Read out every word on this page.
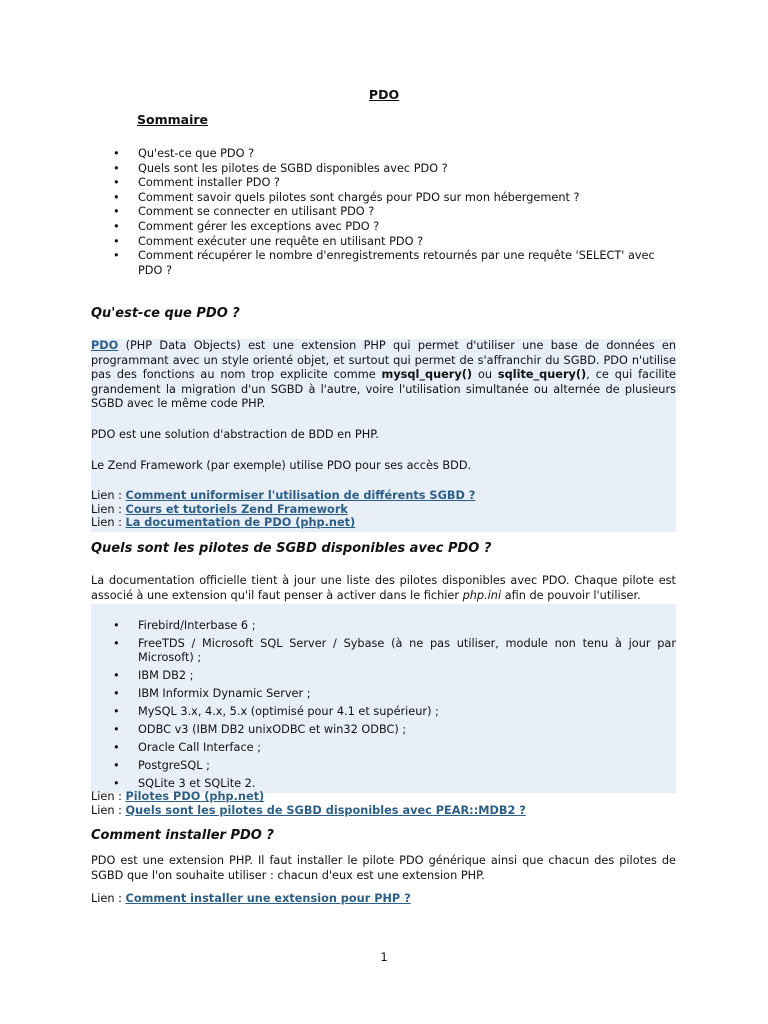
PDO
Sommaire
• Qu'est-ce que PDO ?
• Quels sont les pilotes de SGBD disponibles avec PDO ?
• Comment installer PDO ?
• Comment savoir quels pilotes sont chargés pour PDO sur mon hébergement ?
• Comment se connecter en utilisant PDO ?
• Comment gérer les exceptions avec PDO ?
• Comment exécuter une requête en utilisant PDO ?
• Comment récupérer le nombre d'enregistrements retournés par une requête 'SELECT' avec PDO ?
Qu'est-ce que PDO ?

PDO (PHP Data Objects) est une extension PHP qui permet d'utiliser une base de données en programmant avec un style orienté objet, et surtout qui permet de s'affranchir du SGBD. PDO n'utilise pas des fonctions au nom trop explicite comme mysql_query() ou sqlite_query(), ce qui facilite grandement la migration d'un SGBD à l'autre, voire l'utilisation simultanée ou alternée de plusieurs SGBD avec le même code PHP.

PDO est une solution d'abstraction de BDD en PHP.

Le Zend Framework (par exemple) utilise PDO pour ses accès BDD.

Lien : Comment uniformiser l'utilisation de différents SGBD ?
Lien : Cours et tutoriels Zend Framework
Lien : La documentation de PDO (php.net)

Quels sont les pilotes de SGBD disponibles avec PDO ?

La documentation officielle tient à jour une liste des pilotes disponibles avec PDO. Chaque pilote est associé à une extension qu'il faut penser à activer dans le fichier php.ini afin de pouvoir l'utiliser.

• Firebird/Interbase 6 ;
• FreeTDS / Microsoft SQL Server / Sybase (à ne pas utiliser, module non tenu à jour par Microsoft) ;
• IBM DB2 ;
• IBM Informix Dynamic Server ;
• MySQL 3.x, 4.x, 5.x (optimisé pour 4.1 et supérieur) ;
• ODBC v3 (IBM DB2 unixODBC et win32 ODBC) ;
• Oracle Call Interface ;
• PostgreSQL ;
• SQLite 3 et SQLite 2.
Lien : Pilotes PDO (php.net)
Lien : Quels sont les pilotes de SGBD disponibles avec PEAR::MDB2 ?
Comment installer PDO ?
PDO est une extension PHP. Il faut installer le pilote PDO générique ainsi que chacun des pilotes de SGBD que l'on souhaite utiliser : chacun d'eux est une extension PHP.
Lien : Comment installer une extension pour PHP ?
1
